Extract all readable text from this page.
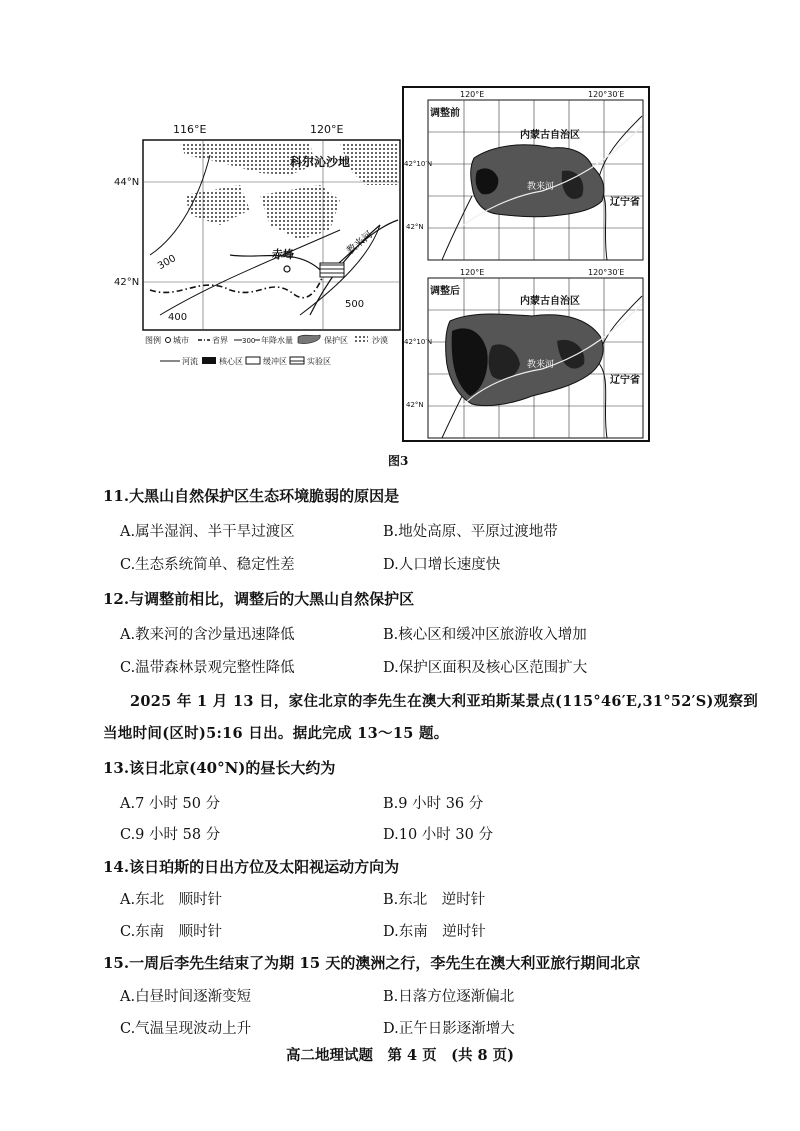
116°E	120°E
44°N
42°N
科尔沁沙地
赤峰	教来河
300
400
500
图例 城市	省界 300 年降水量	保护区	沙漠
河流	核心区	缓冲区	实验区
调整前
120°E	120°30′E
42°10′N
42°N
内蒙古自治区
教来河
辽宁省
调整后
120°E	120°30′E
42°10′N
42°N
内蒙古自治区
教来河
辽宁省
图3
11.大黑山自然保护区生态环境脆弱的原因是
A.属半湿润、半干旱过渡区	B.地处高原、平原过渡地带
C.生态系统简单、稳定性差	D.人口增长速度快
12.与调整前相比，调整后的大黑山自然保护区
A.教来河的含沙量迅速降低	B.核心区和缓冲区旅游收入增加
C.温带森林景观完整性降低	D.保护区面积及核心区范围扩大
2025 年 1 月 13 日，家住北京的李先生在澳大利亚珀斯某景点(115°46′E,31°52′S)观察到
当地时间(区时)5:16 日出。据此完成 13～15 题。
13.该日北京(40°N)的昼长大约为
A.7 小时 50 分	B.9 小时 36 分
C.9 小时 58 分	D.10 小时 30 分
14.该日珀斯的日出方位及太阳视运动方向为
A.东北　顺时针	B.东北　逆时针
C.东南　顺时针	D.东南　逆时针
15.一周后李先生结束了为期 15 天的澳洲之行，李先生在澳大利亚旅行期间北京
A.白昼时间逐渐变短	B.日落方位逐渐偏北
C.气温呈现波动上升	D.正午日影逐渐增大
高二地理试题　第 4 页　(共 8 页)
